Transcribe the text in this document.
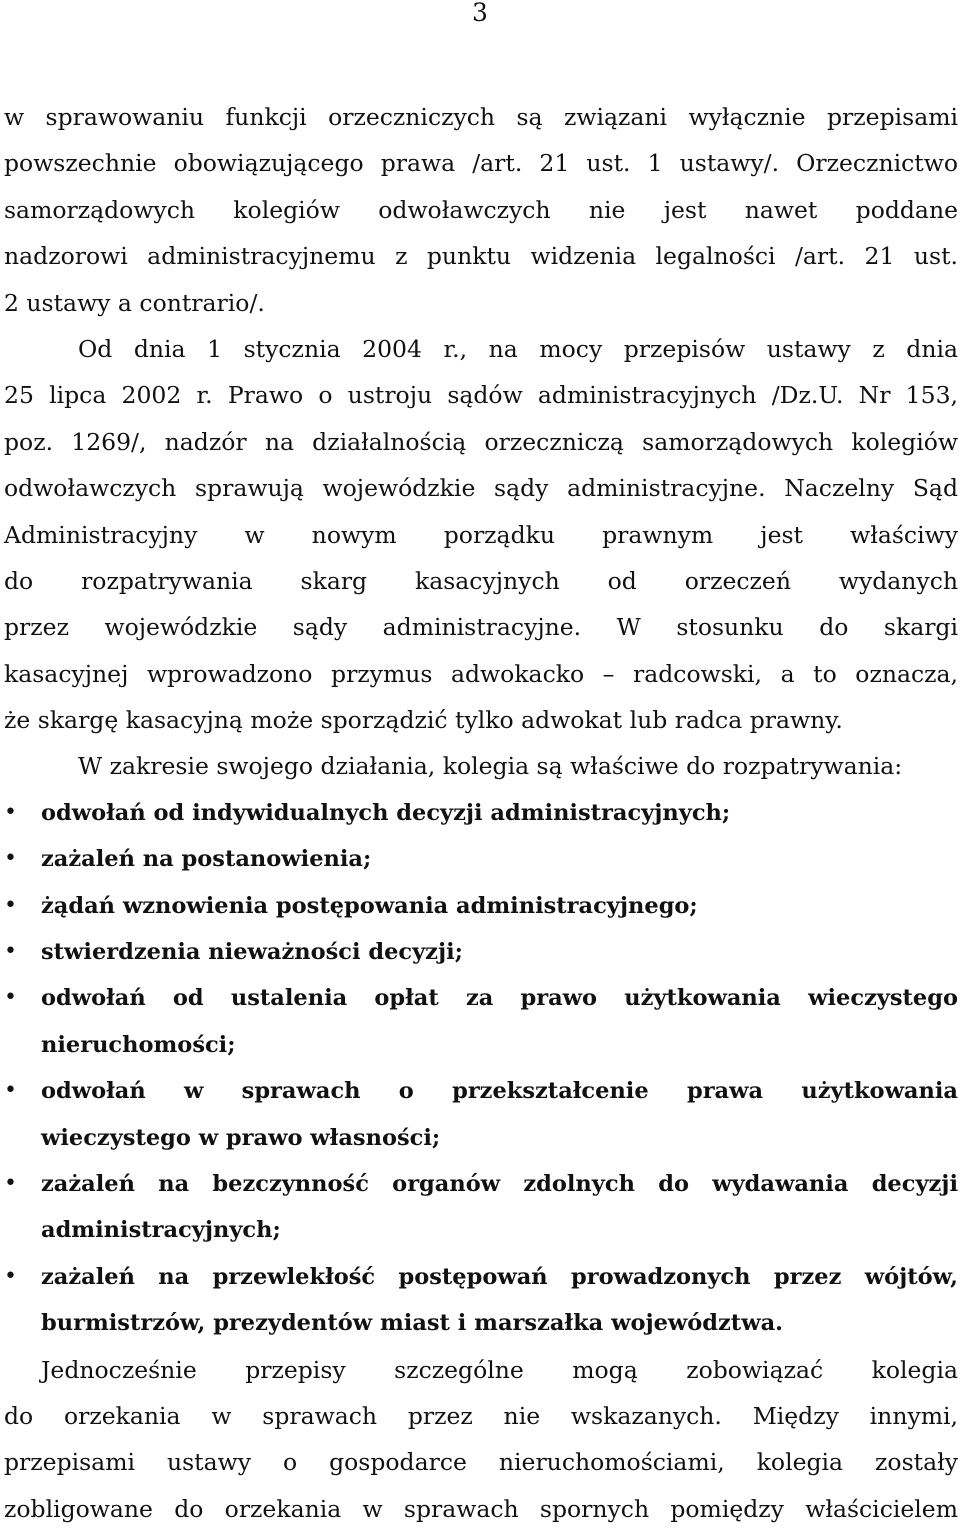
3
w sprawowaniu funkcji orzeczniczych są związani wyłącznie przepisami
powszechnie obowiązującego prawa /art. 21 ust. 1 ustawy/. Orzecznictwo
samorządowych kolegiów odwoławczych nie jest nawet poddane
nadzorowi administracyjnemu z punktu widzenia legalności /art. 21 ust.
2 ustawy a contrario/.
Od dnia 1 stycznia 2004 r., na mocy przepisów ustawy z dnia
25 lipca 2002 r. Prawo o ustroju sądów administracyjnych /Dz.U. Nr 153,
poz. 1269/, nadzór na działalnością orzeczniczą samorządowych kolegiów
odwoławczych sprawują wojewódzkie sądy administracyjne. Naczelny Sąd
Administracyjny w nowym porządku prawnym jest właściwy
do rozpatrywania skarg kasacyjnych od orzeczeń wydanych
przez wojewódzkie sądy administracyjne. W stosunku do skargi
kasacyjnej wprowadzono przymus adwokacko – radcowski, a to oznacza,
że skargę kasacyjną może sporządzić tylko adwokat lub radca prawny.
W zakresie swojego działania, kolegia są właściwe do rozpatrywania:
• odwołań od indywidualnych decyzji administracyjnych;
• zażaleń na postanowienia;
• żądań wznowienia postępowania administracyjnego;
• stwierdzenia nieważności decyzji;
• odwołań od ustalenia opłat za prawo użytkowania wieczystego
nieruchomości;
• odwołań w sprawach o przekształcenie prawa użytkowania
wieczystego w prawo własności;
• zażaleń na bezczynność organów zdolnych do wydawania decyzji
administracyjnych;
• zażaleń na przewlekłość postępowań prowadzonych przez wójtów,
burmistrzów, prezydentów miast i marszałka województwa.
Jednocześnie przepisy szczególne mogą zobowiązać kolegia
do orzekania w sprawach przez nie wskazanych. Między innymi,
przepisami ustawy o gospodarce nieruchomościami, kolegia zostały
zobligowane do orzekania w sprawach spornych pomiędzy właścicielem
